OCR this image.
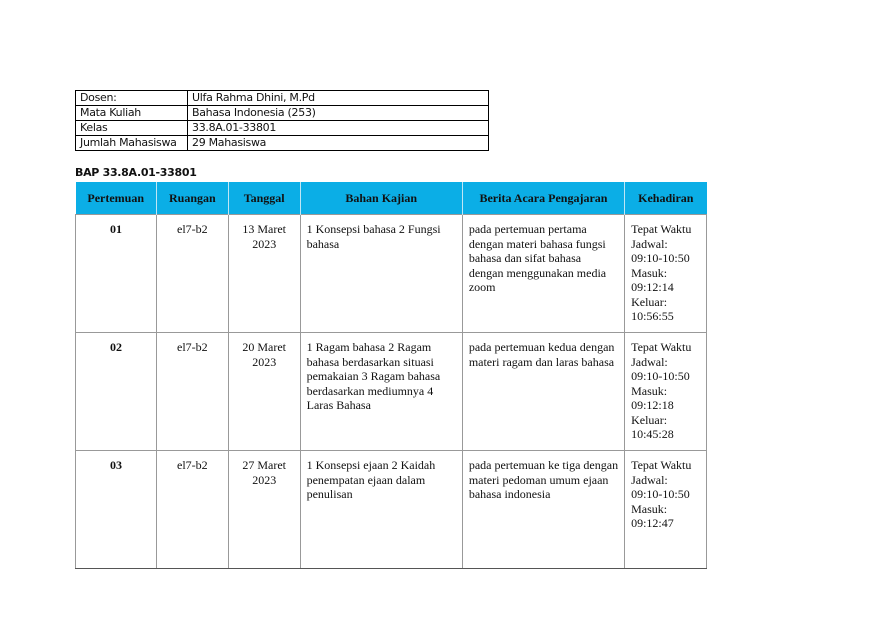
Dosen:	Ulfa Rahma Dhini, M.Pd
Mata Kuliah	Bahasa Indonesia (253)
Kelas	33.8A.01-33801
Jumlah Mahasiswa	29 Mahasiswa
BAP 33.8A.01-33801
Pertemuan	Ruangan	Tanggal	Bahan Kajian	Berita Acara Pengajaran	Kehadiran
01	el7-b2	13 Maret 2023	1 Konsepsi bahasa 2 Fungsi bahasa	pada pertemuan pertama dengan materi bahasa fungsi bahasa dan sifat bahasa dengan menggunakan media zoom	Tepat Waktu
Jadwal: 09:10-10:50
Masuk: 09:12:14
Keluar: 10:56:55

02	el7-b2	20 Maret 2023	1 Ragam bahasa 2 Ragam bahasa berdasarkan situasi pemakaian 3 Ragam bahasa berdasarkan mediumnya 4 Laras Bahasa	pada pertemuan kedua dengan materi ragam dan laras bahasa	Tepat Waktu
Jadwal: 09:10-10:50
Masuk: 09:12:18
Keluar: 10:45:28

03	el7-b2	27 Maret 2023	1 Konsepsi ejaan 2 Kaidah penempatan ejaan dalam penulisan	pada pertemuan ke tiga dengan materi pedoman umum ejaan bahasa indonesia	Tepat Waktu
Jadwal: 09:10-10:50
Masuk: 09:12:47
